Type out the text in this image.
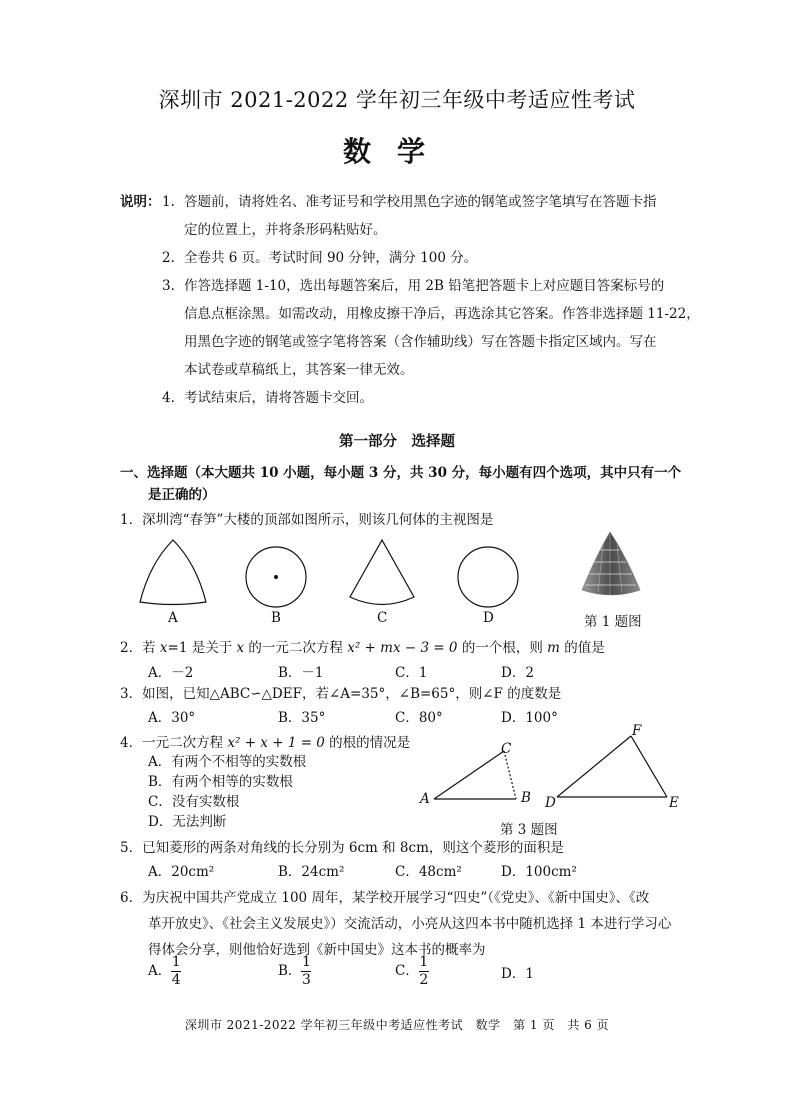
深圳市 2021-2022 学年初三年级中考适应性考试
数学
说明： 1. 答题前，请将姓名、准考证号和学校用黑色字迹的钢笔或签字笔填写在答题卡指
定的位置上，并将条形码粘贴好。
2. 全卷共 6 页。考试时间 90 分钟，满分 100 分。
3. 作答选择题 1-10，选出每题答案后，用 2B 铅笔把答题卡上对应题目答案标号的
信息点框涂黑。如需改动，用橡皮擦干净后，再选涂其它答案。作答非选择题 11-22，
用黑色字迹的钢笔或签字笔将答案（含作辅助线）写在答题卡指定区域内。写在
本试卷或草稿纸上，其答案一律无效。
4. 考试结束后，请将答题卡交回。
第一部分　选择题
一、选择题（本大题共 10 小题，每小题 3 分，共 30 分，每小题有四个选项，其中只有一个
是正确的）
1．深圳湾“春笋”大楼的顶部如图所示，则该几何体的主视图是
A	B	C	D	第 1 题图
2．若 x=1 是关于 x 的一元二次方程 x² + mx − 3 = 0 的一个根，则 m 的值是
A．－2	B．－1	C．1	D．2
3．如图，已知△ABC∽△DEF，若∠A=35°，∠B=65°，则∠F 的度数是
A．30°	B．35°	C．80°	D．100°
4．一元二次方程 x² + x + 1 = 0 的根的情况是
A．有两个不相等的实数根
B．有两个相等的实数根
C．没有实数根
D．无法判断
A	B
C
D	E
F
第 3 题图
5．已知菱形的两条对角线的长分别为 6cm 和 8cm，则这个菱形的面积是
A．20cm²	B．24cm²	C．48cm²	D．100cm²
6．为庆祝中国共产党成立 100 周年，某学校开展学习“四史”（《党史》、《新中国史》、《改
革开放史》、《社会主义发展史》）交流活动，小亮从这四本书中随机选择 1 本进行学习心
得体会分享，则他恰好选到《新中国史》这本书的概率为
A． $\frac{1}{4}$	B． $\frac{1}{3}$	C． $\frac{1}{2}$	D．1
深圳市 2021-2022 学年初三年级中考适应性考试　数学　第 1 页　共 6 页
